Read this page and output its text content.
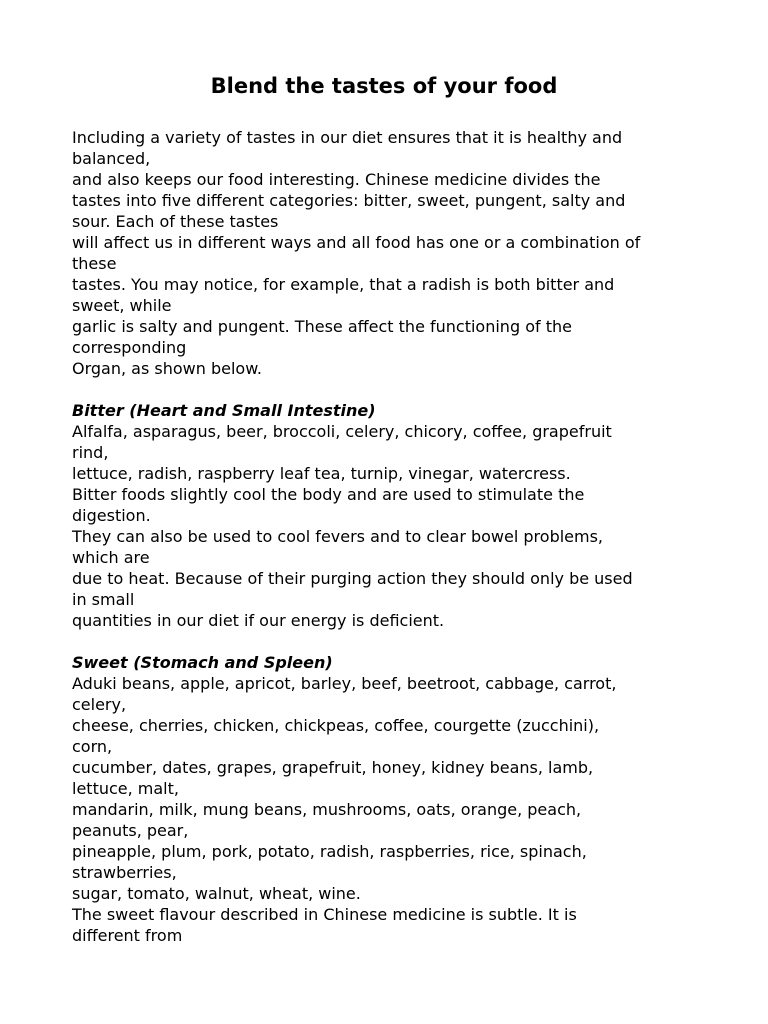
Blend the tastes of your food

Including a variety of tastes in our diet ensures that it is healthy and

balanced,

and also keeps our food interesting. Chinese medicine divides the

tastes into five different categories: bitter, sweet, pungent, salty and

sour. Each of these tastes

will affect us in different ways and all food has one or a combination of

these

tastes. You may notice, for example, that a radish is both bitter and

sweet, while

garlic is salty and pungent. These affect the functioning of the

corresponding

Organ, as shown below.

Bitter (Heart and Small Intestine)

Alfalfa, asparagus, beer, broccoli, celery, chicory, coffee, grapefruit

rind,

lettuce, radish, raspberry leaf tea, turnip, vinegar, watercress.

Bitter foods slightly cool the body and are used to stimulate the

digestion.

They can also be used to cool fevers and to clear bowel problems,

which are

due to heat. Because of their purging action they should only be used

in small

quantities in our diet if our energy is deficient.

Sweet (Stomach and Spleen)

Aduki beans, apple, apricot, barley, beef, beetroot, cabbage, carrot,

celery,

cheese, cherries, chicken, chickpeas, coffee, courgette (zucchini),

corn,

cucumber, dates, grapes, grapefruit, honey, kidney beans, lamb,

lettuce, malt,

mandarin, milk, mung beans, mushrooms, oats, orange, peach,

peanuts, pear,

pineapple, plum, pork, potato, radish, raspberries, rice, spinach,

strawberries,

sugar, tomato, walnut, wheat, wine.

The sweet flavour described in Chinese medicine is subtle. It is

different from
